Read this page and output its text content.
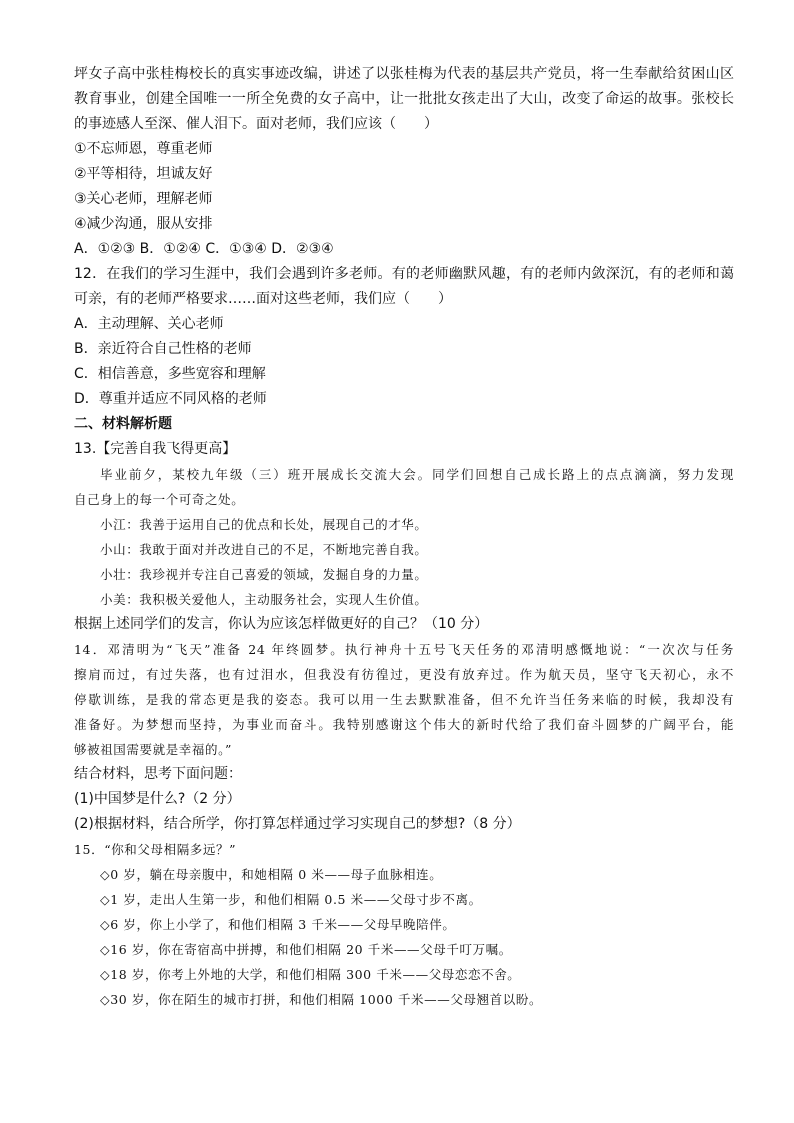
坪女子高中张桂梅校长的真实事迹改编，讲述了以张桂梅为代表的基层共产党员，将一生奉献给贫困山区
教育事业，创建全国唯一一所全免费的女子高中，让一批批女孩走出了大山，改变了命运的故事。张校长
的事迹感人至深、催人泪下。面对老师，我们应该（　　）
①不忘师恩，尊重老师
②平等相待，坦诚友好
③关心老师，理解老师
④减少沟通，服从安排
A．①②③ B．①②④ C．①③④ D．②③④
12．在我们的学习生涯中，我们会遇到许多老师。有的老师幽默风趣，有的老师内敛深沉，有的老师和蔼
可亲，有的老师严格要求……面对这些老师，我们应（　　）
A．主动理解、关心老师
B．亲近符合自己性格的老师
C．相信善意，多些宽容和理解
D．尊重并适应不同风格的老师
二、材料解析题
13.【完善自我飞得更高】
毕业前夕，某校九年级（三）班开展成长交流大会。同学们回想自己成长路上的点点滴滴，努力发现
自己身上的每一个可奇之处。
小江：我善于运用自己的优点和长处，展现自己的才华。
小山：我敢于面对并改进自己的不足，不断地完善自我。
小壮：我珍视并专注自己喜爱的领域，发掘自身的力量。
小美：我积极关爱他人，主动服务社会，实现人生价值。
根据上述同学们的发言，你认为应该怎样做更好的自己？（10 分）
14．邓清明为“飞天”准备 24 年终圆梦。执行神舟十五号飞天任务的邓清明感慨地说：“一次次与任务
擦肩而过，有过失落，也有过泪水，但我没有彷徨过，更没有放弃过。作为航天员，坚守飞天初心，永不
停歇训练，是我的常态更是我的姿态。我可以用一生去默默准备，但不允许当任务来临的时候，我却没有
准备好。为梦想而坚持，为事业而奋斗。我特别感谢这个伟大的新时代给了我们奋斗圆梦的广阔平台，能
够被祖国需要就是幸福的。”
结合材料，思考下面问题：
(1)中国梦是什么?（2 分）
(2)根据材料，结合所学，你打算怎样通过学习实现自己的梦想?（8 分）
15．“你和父母相隔多远？”
◇0 岁，躺在母亲腹中，和她相隔 0 米——母子血脉相连。
◇1 岁，走出人生第一步，和他们相隔 0.5 米——父母寸步不离。
◇6 岁，你上小学了，和他们相隔 3 千米——父母早晚陪伴。
◇16 岁，你在寄宿高中拼搏，和他们相隔 20 千米——父母千叮万嘱。
◇18 岁，你考上外地的大学，和他们相隔 300 千米——父母恋恋不舍。
◇30 岁，你在陌生的城市打拼，和他们相隔 1000 千米——父母翘首以盼。
